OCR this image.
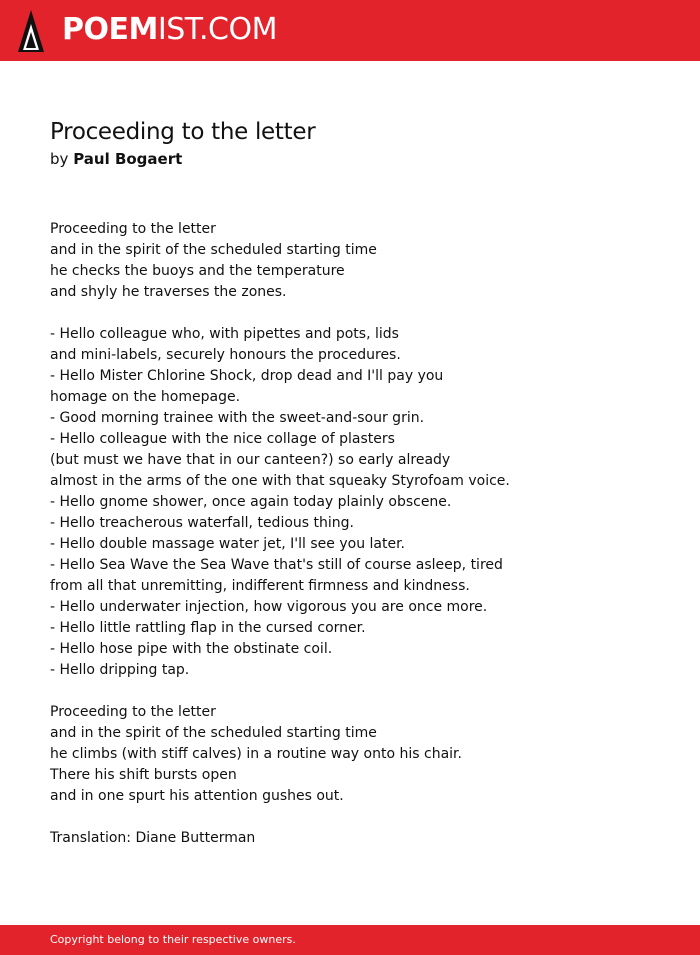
POEMIST.COM
Proceeding to the letter
by Paul Bogaert
Proceeding to the letter
and in the spirit of the scheduled starting time
he checks the buoys and the temperature
and shyly he traverses the zones.
- Hello colleague who, with pipettes and pots, lids
and mini-labels, securely honours the procedures.
- Hello Mister Chlorine Shock, drop dead and I'll pay you
homage on the homepage.
- Good morning trainee with the sweet-and-sour grin.
- Hello colleague with the nice collage of plasters
(but must we have that in our canteen?) so early already
almost in the arms of the one with that squeaky Styrofoam voice.
- Hello gnome shower, once again today plainly obscene.
- Hello treacherous waterfall, tedious thing.
- Hello double massage water jet, I'll see you later.
- Hello Sea Wave the Sea Wave that's still of course asleep, tired
from all that unremitting, indifferent firmness and kindness.
- Hello underwater injection, how vigorous you are once more.
- Hello little rattling flap in the cursed corner.
- Hello hose pipe with the obstinate coil.
- Hello dripping tap.
Proceeding to the letter
and in the spirit of the scheduled starting time
he climbs (with stiff calves) in a routine way onto his chair.
There his shift bursts open
and in one spurt his attention gushes out.
Translation: Diane Butterman
Copyright belong to their respective owners.
